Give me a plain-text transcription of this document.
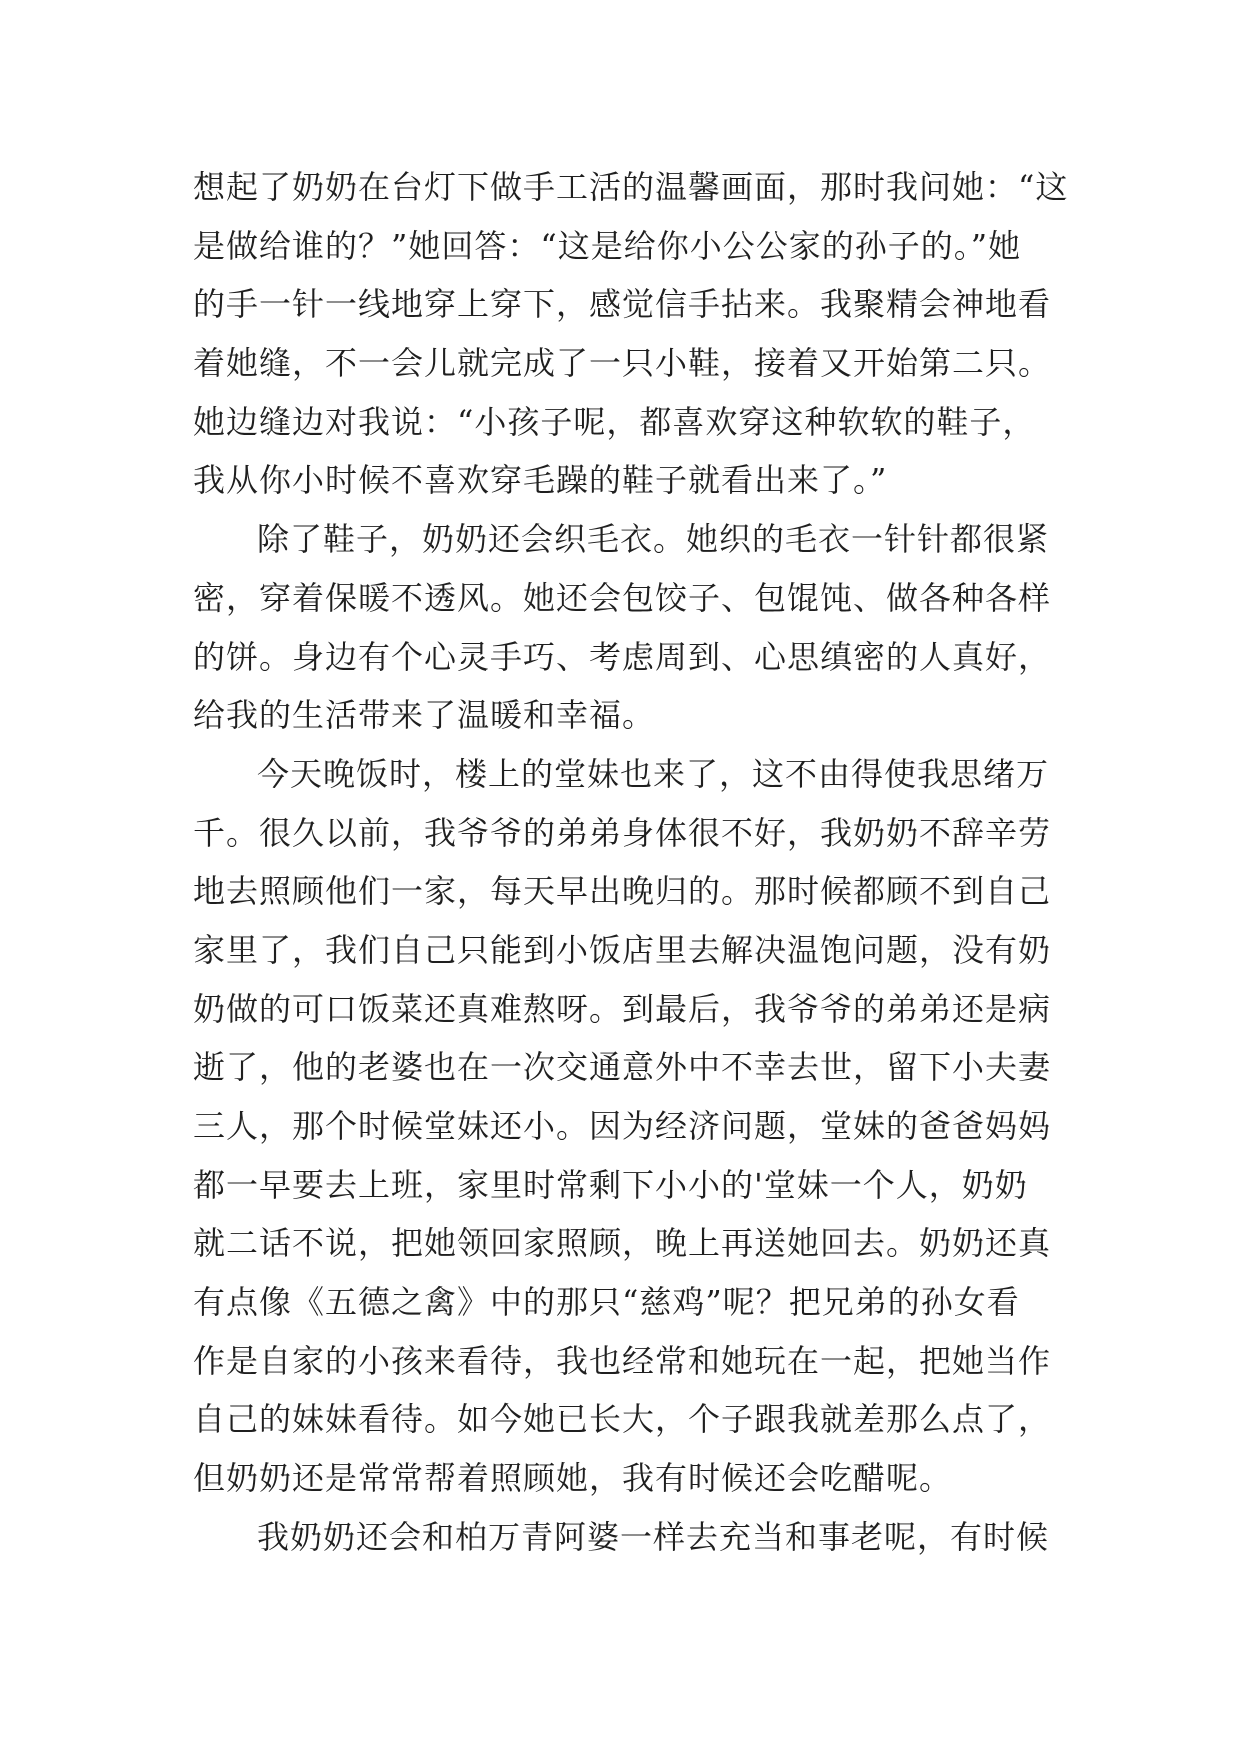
想起了奶奶在台灯下做手工活的温馨画面，那时我问她：“这
是做给谁的？”她回答：“这是给你小公公家的孙子的。”她
的手一针一线地穿上穿下，感觉信手拈来。我聚精会神地看
着她缝，不一会儿就完成了一只小鞋，接着又开始第二只。
她边缝边对我说：“小孩子呢，都喜欢穿这种软软的鞋子，
我从你小时候不喜欢穿毛躁的鞋子就看出来了。”
除了鞋子，奶奶还会织毛衣。她织的毛衣一针针都很紧
密，穿着保暖不透风。她还会包饺子、包馄饨、做各种各样
的饼。身边有个心灵手巧、考虑周到、心思缜密的人真好，
给我的生活带来了温暖和幸福。
今天晚饭时，楼上的堂妹也来了，这不由得使我思绪万
千。很久以前，我爷爷的弟弟身体很不好，我奶奶不辞辛劳
地去照顾他们一家，每天早出晚归的。那时候都顾不到自己
家里了，我们自己只能到小饭店里去解决温饱问题，没有奶
奶做的可口饭菜还真难熬呀。到最后，我爷爷的弟弟还是病
逝了，他的老婆也在一次交通意外中不幸去世，留下小夫妻
三人，那个时候堂妹还小。因为经济问题，堂妹的爸爸妈妈
都一早要去上班，家里时常剩下小小的'堂妹一个人，奶奶
就二话不说，把她领回家照顾，晚上再送她回去。奶奶还真
有点像《五德之禽》中的那只“慈鸡”呢？把兄弟的孙女看
作是自家的小孩来看待，我也经常和她玩在一起，把她当作
自己的妹妹看待。如今她已长大，个子跟我就差那么点了，
但奶奶还是常常帮着照顾她，我有时候还会吃醋呢。
我奶奶还会和柏万青阿婆一样去充当和事老呢，有时候
